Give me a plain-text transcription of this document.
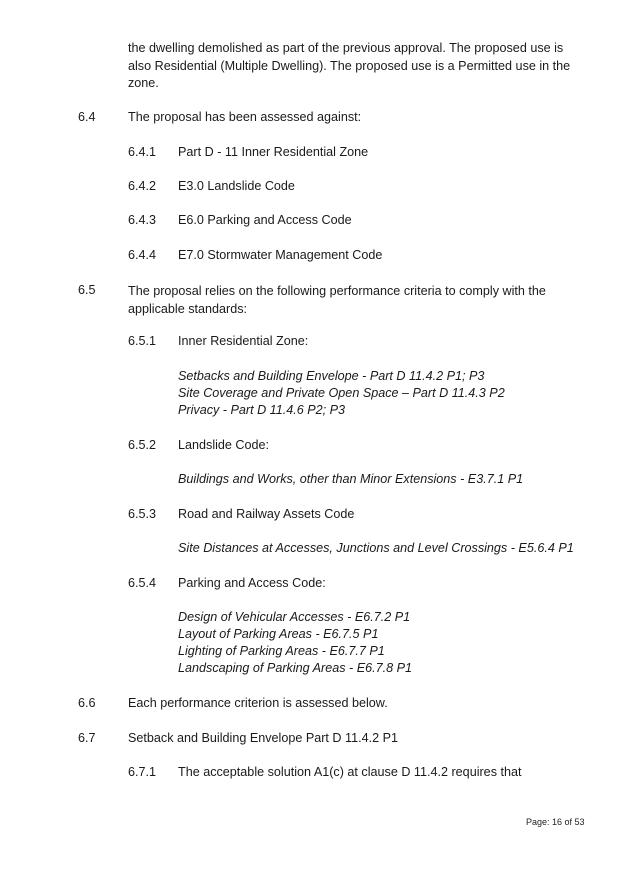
the dwelling demolished as part of the previous approval. The proposed use is
also Residential (Multiple Dwelling). The proposed use is a Permitted use in the
zone.
6.4	The proposal has been assessed against:
6.4.1 Part D - 11 Inner Residential Zone
6.4.2 E3.0 Landslide Code
6.4.3 E6.0 Parking and Access Code
6.4.4 E7.0 Stormwater Management Code
6.5	The proposal relies on the following performance criteria to comply with the
applicable standards:
6.5.1 Inner Residential Zone:
Setbacks and Building Envelope - Part D 11.4.2 P1; P3
Site Coverage and Private Open Space – Part D 11.4.3 P2
Privacy - Part D 11.4.6 P2; P3
6.5.2 Landslide Code:
Buildings and Works, other than Minor Extensions - E3.7.1 P1
6.5.3 Road and Railway Assets Code
Site Distances at Accesses, Junctions and Level Crossings - E5.6.4 P1
6.5.4 Parking and Access Code:
Design of Vehicular Accesses - E6.7.2 P1
Layout of Parking Areas - E6.7.5 P1
Lighting of Parking Areas - E6.7.7 P1
Landscaping of Parking Areas - E6.7.8 P1
6.6	Each performance criterion is assessed below.
6.7	Setback and Building Envelope Part D 11.4.2 P1
6.7.1 The acceptable solution A1(c) at clause D 11.4.2 requires that
Page: 16 of 53
